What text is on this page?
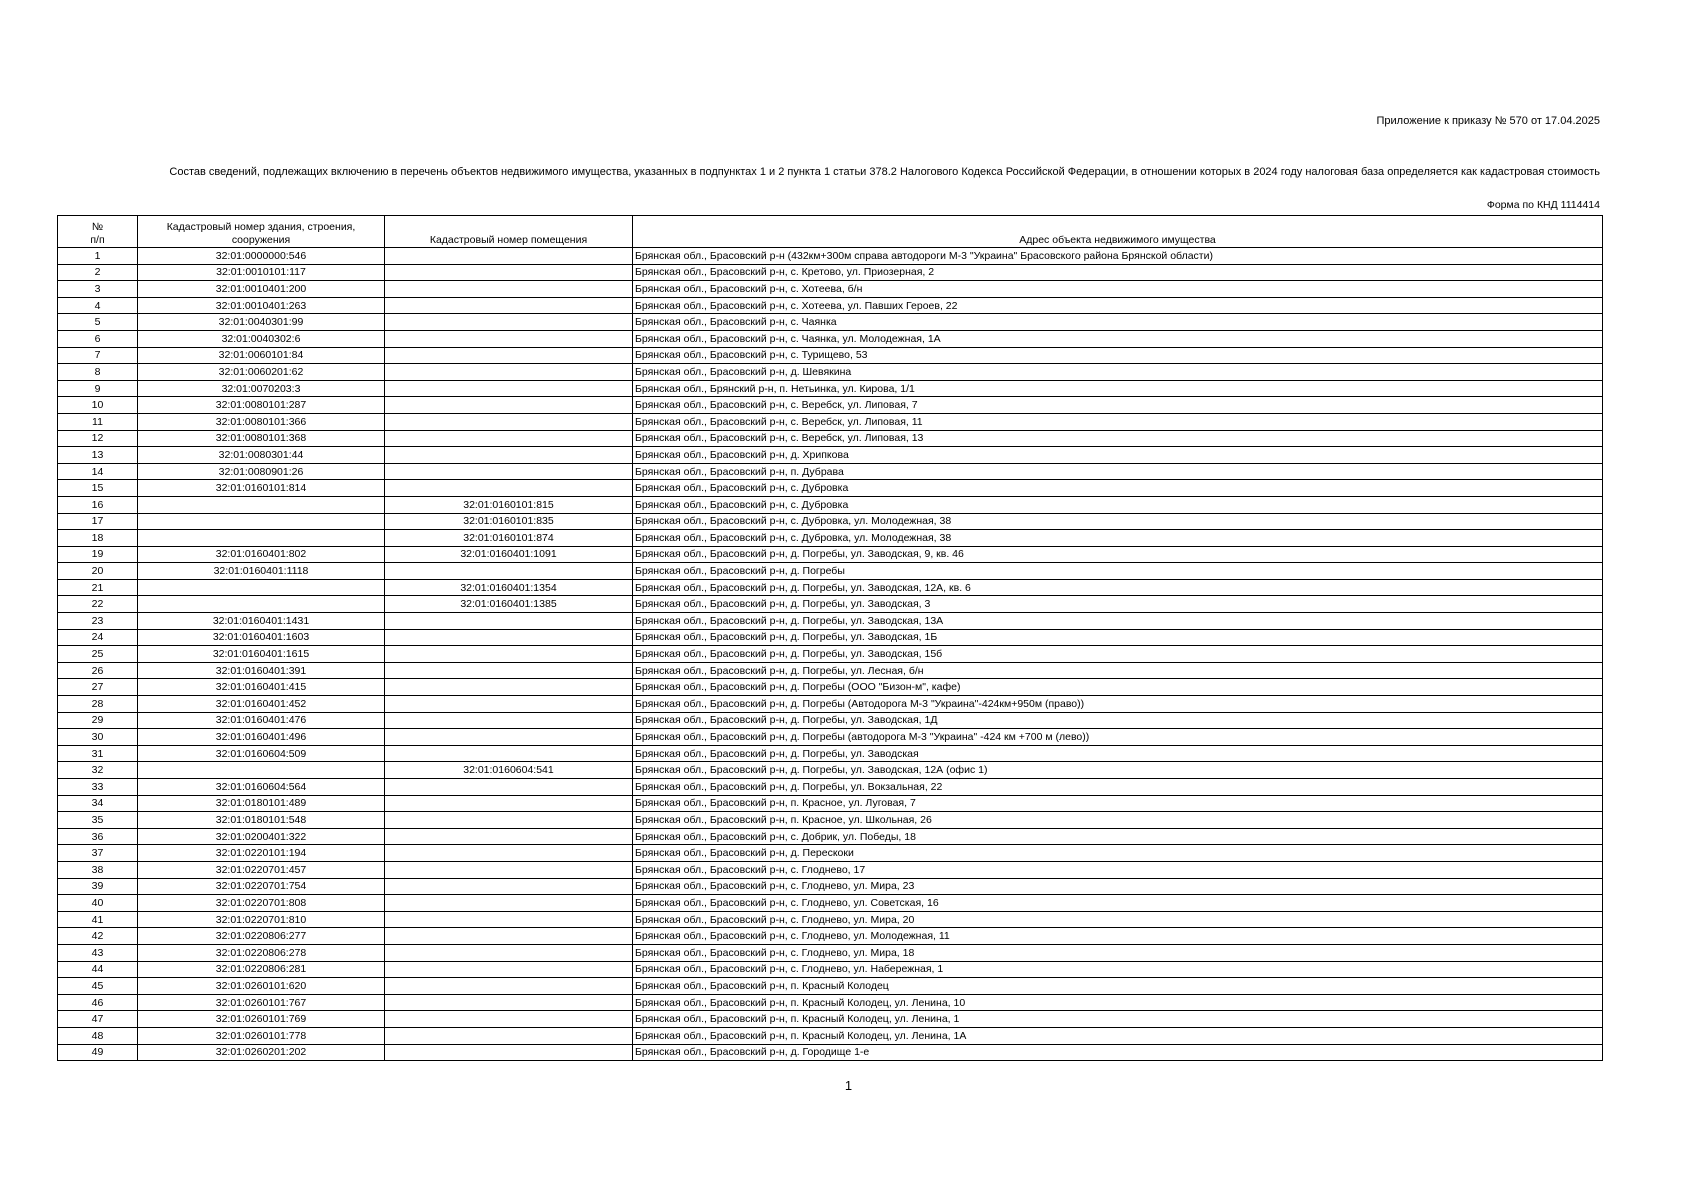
Приложение к приказу № 570 от 17.04.2025
Состав сведений, подлежащих включению в перечень объектов недвижимого имущества, указанных в подпунктах 1 и 2 пункта 1 статьи 378.2 Налогового Кодекса Российской Федерации, в отношении которых в 2024 году налоговая база определяется как кадастровая стоимость
Форма по КНД 1114414
№
п/п	Кадастровый номер здания, строения, сооружения	Кадастровый номер помещения	Адрес объекта недвижимого имущества
1	32:01:0000000:546		Брянская обл., Брасовский р-н (432км+300м справа автодороги М-3 "Украина" Брасовского района Брянской области)
2	32:01:0010101:117		Брянская обл., Брасовский р-н, с. Кретово, ул. Приозерная, 2
3	32:01:0010401:200		Брянская обл., Брасовский р-н, с. Хотеева, б/н
4	32:01:0010401:263		Брянская обл., Брасовский р-н, с. Хотеева, ул. Павших Героев, 22
5	32:01:0040301:99		Брянская обл., Брасовский р-н, с. Чаянка
6	32:01:0040302:6		Брянская обл., Брасовский р-н, с. Чаянка, ул. Молодежная, 1А
7	32:01:0060101:84		Брянская обл., Брасовский р-н, с. Турищево, 53
8	32:01:0060201:62		Брянская обл., Брасовский р-н, д. Шевякина
9	32:01:0070203:3		Брянская обл., Брянский р-н, п. Нетьинка, ул. Кирова, 1/1
10	32:01:0080101:287		Брянская обл., Брасовский р-н, с. Веребск, ул. Липовая, 7
11	32:01:0080101:366		Брянская обл., Брасовский р-н, с. Веребск, ул. Липовая, 11
12	32:01:0080101:368		Брянская обл., Брасовский р-н, с. Веребск, ул. Липовая, 13
13	32:01:0080301:44		Брянская обл., Брасовский р-н, д. Хрипкова
14	32:01:0080901:26		Брянская обл., Брасовский р-н, п. Дубрава
15	32:01:0160101:814		Брянская обл., Брасовский р-н, с. Дубровка
16		32:01:0160101:815	Брянская обл., Брасовский р-н, с. Дубровка
17		32:01:0160101:835	Брянская обл., Брасовский р-н, с. Дубровка, ул. Молодежная, 38
18		32:01:0160101:874	Брянская обл., Брасовский р-н, с. Дубровка, ул. Молодежная, 38
19	32:01:0160401:802	32:01:0160401:1091	Брянская обл., Брасовский р-н, д. Погребы, ул. Заводская, 9, кв. 46
20	32:01:0160401:1118		Брянская обл., Брасовский р-н, д. Погребы
21		32:01:0160401:1354	Брянская обл., Брасовский р-н, д. Погребы, ул. Заводская, 12А, кв. 6
22		32:01:0160401:1385	Брянская обл., Брасовский р-н, д. Погребы, ул. Заводская, 3
23	32:01:0160401:1431		Брянская обл., Брасовский р-н, д. Погребы, ул. Заводская, 13А
24	32:01:0160401:1603		Брянская обл., Брасовский р-н, д. Погребы, ул. Заводская, 1Б
25	32:01:0160401:1615		Брянская обл., Брасовский р-н, д. Погребы, ул. Заводская, 15б
26	32:01:0160401:391		Брянская обл., Брасовский р-н, д. Погребы, ул. Лесная, б/н
27	32:01:0160401:415		Брянская обл., Брасовский р-н, д. Погребы (ООО "Бизон-м", кафе)
28	32:01:0160401:452		Брянская обл., Брасовский р-н, д. Погребы (Автодорога М-3 "Украина"-424км+950м (право))
29	32:01:0160401:476		Брянская обл., Брасовский р-н, д. Погребы, ул. Заводская, 1Д
30	32:01:0160401:496		Брянская обл., Брасовский р-н, д. Погребы (автодорога М-3 "Украина" -424 км +700 м (лево))
31	32:01:0160604:509		Брянская обл., Брасовский р-н, д. Погребы, ул. Заводская
32		32:01:0160604:541	Брянская обл., Брасовский р-н, д. Погребы, ул. Заводская, 12А (офис 1)
33	32:01:0160604:564		Брянская обл., Брасовский р-н, д. Погребы, ул. Вокзальная, 22
34	32:01:0180101:489		Брянская обл., Брасовский р-н, п. Красное, ул. Луговая, 7
35	32:01:0180101:548		Брянская обл., Брасовский р-н, п. Красное, ул. Школьная, 26
36	32:01:0200401:322		Брянская обл., Брасовский р-н, с. Добрик, ул. Победы, 18
37	32:01:0220101:194		Брянская обл., Брасовский р-н, д. Перескоки
38	32:01:0220701:457		Брянская обл., Брасовский р-н, с. Глоднево, 17
39	32:01:0220701:754		Брянская обл., Брасовский р-н, с. Глоднево, ул. Мира, 23
40	32:01:0220701:808		Брянская обл., Брасовский р-н, с. Глоднево, ул. Советская, 16
41	32:01:0220701:810		Брянская обл., Брасовский р-н, с. Глоднево, ул. Мира, 20
42	32:01:0220806:277		Брянская обл., Брасовский р-н, с. Глоднево, ул. Молодежная, 11
43	32:01:0220806:278		Брянская обл., Брасовский р-н, с. Глоднево, ул. Мира, 18
44	32:01:0220806:281		Брянская обл., Брасовский р-н, с. Глоднево, ул. Набережная, 1
45	32:01:0260101:620		Брянская обл., Брасовский р-н, п. Красный Колодец
46	32:01:0260101:767		Брянская обл., Брасовский р-н, п. Красный Колодец, ул. Ленина, 10
47	32:01:0260101:769		Брянская обл., Брасовский р-н, п. Красный Колодец, ул. Ленина, 1
48	32:01:0260101:778		Брянская обл., Брасовский р-н, п. Красный Колодец, ул. Ленина, 1А
49	32:01:0260201:202		Брянская обл., Брасовский р-н, д. Городище 1-е
1
